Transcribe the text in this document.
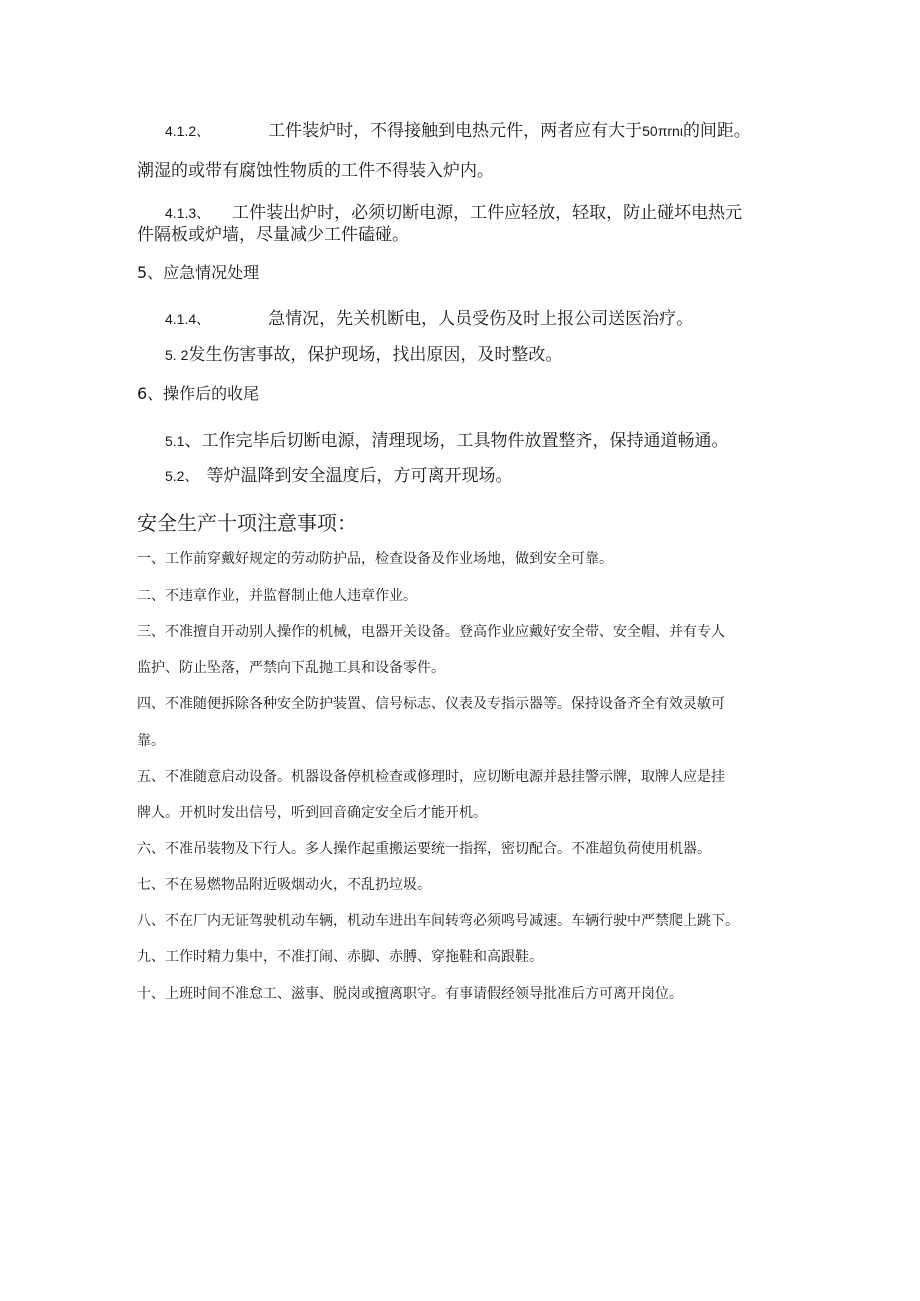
4.1.2、	工件装炉时，不得接触到电热元件，两者应有大于50πrnι的间距。
潮湿的或带有腐蚀性物质的工件不得装入炉内。
4.1.3、 工件装出炉时，必须切断电源，工件应轻放，轻取，防止碰坏电热元
件隔板或炉墙，尽量减少工件磕碰。
5、应急情况处理
4.1.4、	急情况，先关机断电，人员受伤及时上报公司送医治疗。
5. 2发生伤害事故，保护现场，找出原因，及时整改。
6、操作后的收尾
5.1、工作完毕后切断电源，清理现场，工具物件放置整齐，保持通道畅通。
5.2、 等炉温降到安全温度后，方可离开现场。
安全生产十项注意事项：
一、工作前穿戴好规定的劳动防护品，检查设备及作业场地，做到安全可靠。
二、不违章作业，并监督制止他人违章作业。
三、不准擅自开动别人操作的机械，电器开关设备。登高作业应戴好安全带、安全帽、并有专人
监护、防止坠落，严禁向下乱抛工具和设备零件。
四、不准随便拆除各种安全防护装置、信号标志、仪表及专指示器等。保持设备齐全有效灵敏可
靠。
五、不准随意启动设备。机器设备停机检查或修理时，应切断电源并悬挂警示牌，取牌人应是挂
牌人。开机时发出信号，听到回音确定安全后才能开机。
六、不准吊装物及下行人。多人操作起重搬运要统一指挥，密切配合。不准超负荷使用机器。
七、不在易燃物品附近吸烟动火，不乱扔垃圾。
八、不在厂内无证驾驶机动车辆，机动车进出车间转弯必须鸣号减速。车辆行驶中严禁爬上跳下。
九、工作时精力集中，不准打闹、赤脚、赤膊、穿拖鞋和高跟鞋。
十、上班时间不准怠工、滋事、脱岗或擅离职守。有事请假经领导批准后方可离开岗位。
